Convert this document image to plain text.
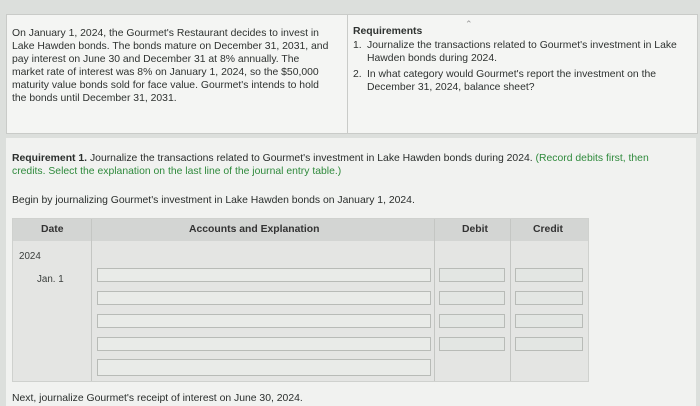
On January 1, 2024, the Gourmet's Restaurant decides to invest in Lake Hawden bonds. The bonds mature on December 31, 2031, and pay interest on June 30 and December 31 at 8% annually. The market rate of interest was 8% on January 1, 2024, so the $50,000 maturity value bonds sold for face value. Gourmet's intends to hold the bonds until December 31, 2031.
⌃
Requirements
1. Journalize the transactions related to Gourmet's investment in Lake Hawden bonds during 2024.
2. In what category would Gourmet's report the investment on the December 31, 2024, balance sheet?
Requirement 1. Journalize the transactions related to Gourmet's investment in Lake Hawden bonds during 2024. (Record debits first, then credits. Select the explanation on the last line of the journal entry table.)
Begin by journalizing Gourmet's investment in Lake Hawden bonds on January 1, 2024.
Date	Accounts and Explanation	Debit	Credit
2024
Jan. 1
Next, journalize Gourmet's receipt of interest on June 30, 2024.
